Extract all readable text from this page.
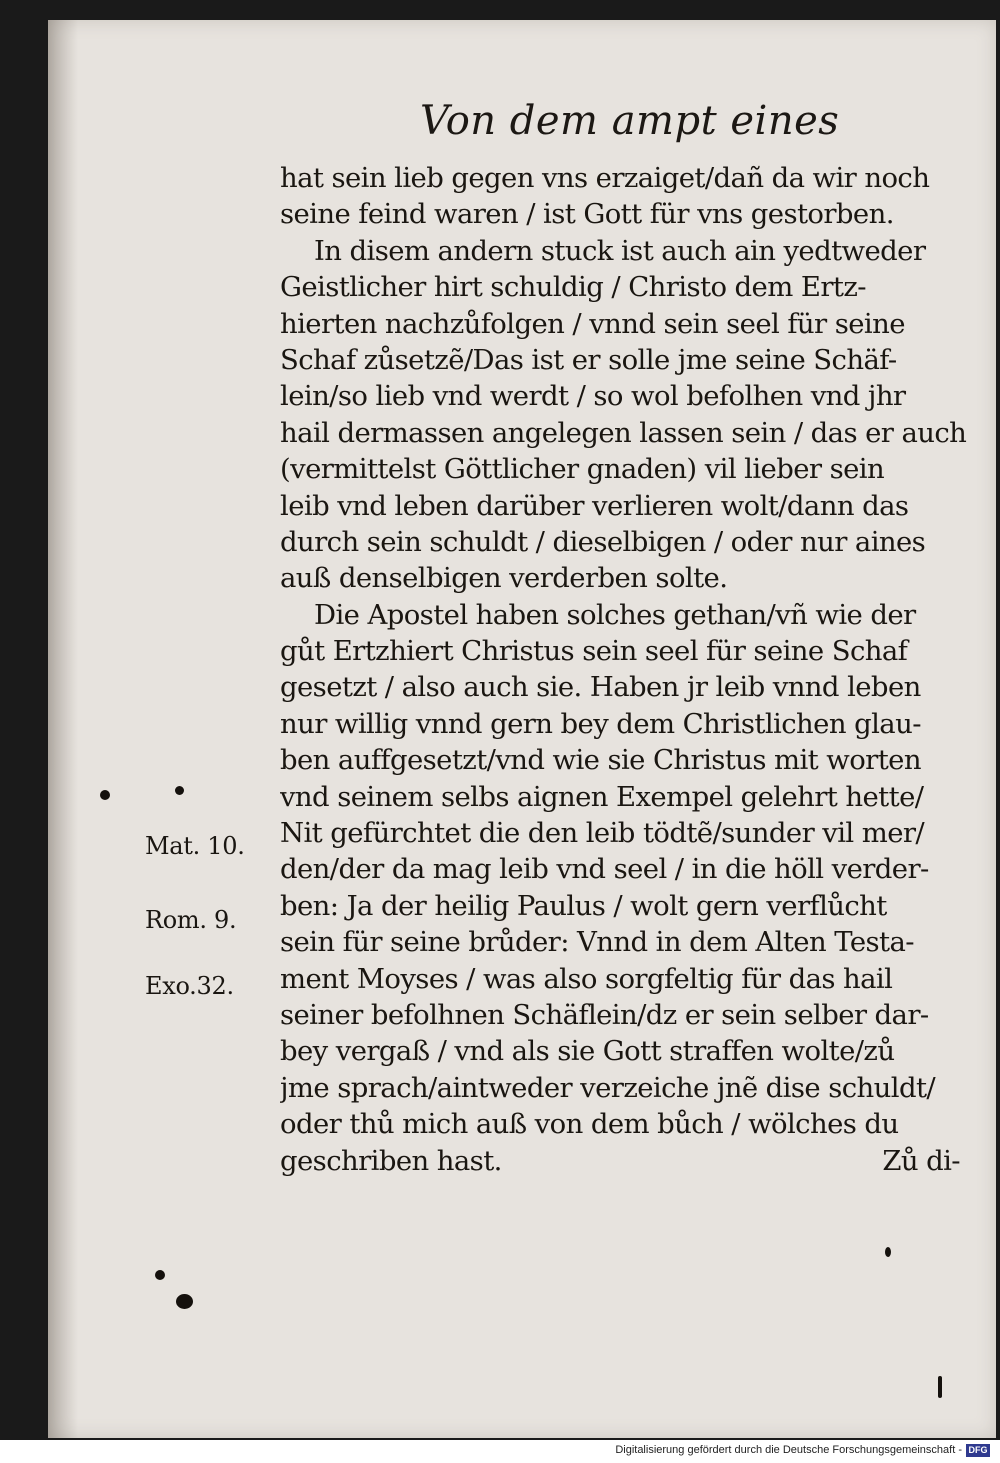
Von dem ampt eines
hat sein lieb gegen vns erzaiget/dañ da wir noch
seine feind waren / ist Gott für vns gestorben.
In disem andern stuck ist auch ain yedtweder
Geistlicher hirt schuldig / Christo dem Ertz-
hierten nachzůfolgen / vnnd sein seel für seine
Schaf zůsetzẽ/Das ist er solle jme seine Schäf-
lein/so lieb vnd werdt / so wol befolhen vnd jhr
hail dermassen angelegen lassen sein / das er auch
(vermittelst Göttlicher gnaden) vil lieber sein
leib vnd leben darüber verlieren wolt/dann das
durch sein schuldt / dieselbigen / oder nur aines
auß denselbigen verderben solte.
Die Apostel haben solches gethan/vñ wie der
gůt Ertzhiert Christus sein seel für seine Schaf
gesetzt / also auch sie. Haben jr leib vnnd leben
nur willig vnnd gern bey dem Christlichen glau-
ben auffgesetzt/vnd wie sie Christus mit worten
vnd seinem selbs aignen Exempel gelehrt hette/
Nit gefürchtet die den leib tödtẽ/sunder vil mer/
den/der da mag leib vnd seel / in die höll verder-
ben: Ja der heilig Paulus / wolt gern verflůcht
sein für seine brůder: Vnnd in dem Alten Testa-
ment Moyses / was also sorgfeltig für das hail
seiner befolhnen Schäflein/dz er sein selber dar-
bey vergaß / vnd als sie Gott straffen wolte/zů
jme sprach/aintweder verzeiche jnẽ dise schuldt/
oder thů mich auß von dem bůch / wölches du
geschriben hast.	Zů di-
Mat. 10.
Rom. 9.
Exo.32.
Digitalisierung gefördert durch die Deutsche Forschungsgemeinschaft - DFG
